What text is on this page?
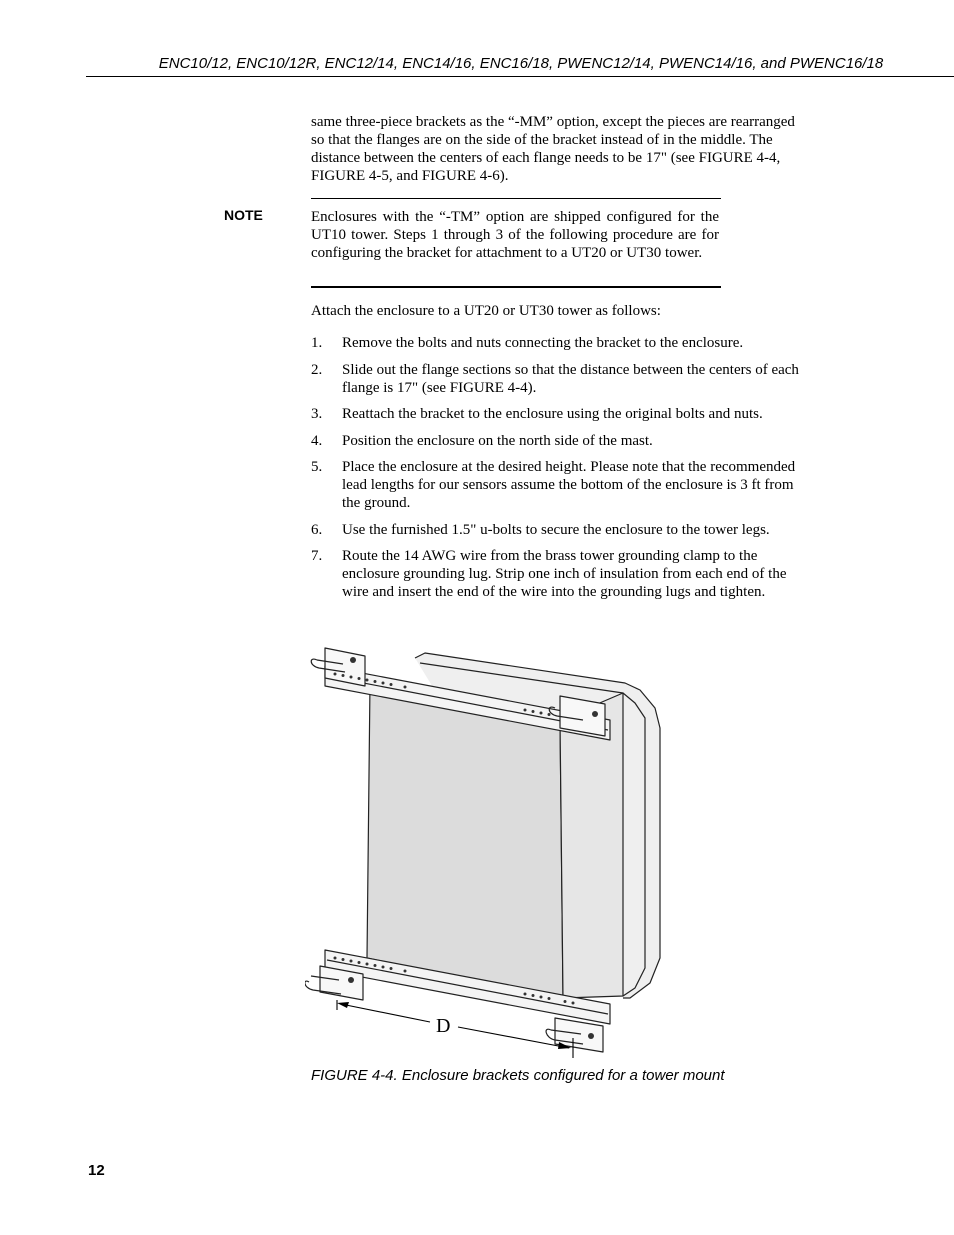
ENC10/12, ENC10/12R, ENC12/14, ENC14/16, ENC16/18, PWENC12/14, PWENC14/16, and PWENC16/18
same three-piece brackets as the “-MM” option, except the pieces are rearranged so that the flanges are on the side of the bracket instead of in the middle. The distance between the centers of each flange needs to be 17" (see FIGURE 4-4, FIGURE 4-5, and FIGURE 4-6).
NOTE	Enclosures with the “-TM” option are shipped configured for the UT10 tower. Steps 1 through 3 of the following procedure are for configuring the bracket for attachment to a UT20 or UT30 tower.
Attach the enclosure to a UT20 or UT30 tower as follows:
1. Remove the bolts and nuts connecting the bracket to the enclosure.
2. Slide out the flange sections so that the distance between the centers of each flange is 17" (see FIGURE 4-4).
3. Reattach the bracket to the enclosure using the original bolts and nuts.
4. Position the enclosure on the north side of the mast.
5. Place the enclosure at the desired height. Please note that the recommended lead lengths for our sensors assume the bottom of the enclosure is 3 ft from the ground.
6. Use the furnished 1.5" u-bolts to secure the enclosure to the tower legs.
7. Route the 14 AWG wire from the brass tower grounding clamp to the enclosure grounding lug. Strip one inch of insulation from each end of the wire and insert the end of the wire into the grounding lugs and tighten.
D
FIGURE 4-4. Enclosure brackets configured for a tower mount
12
